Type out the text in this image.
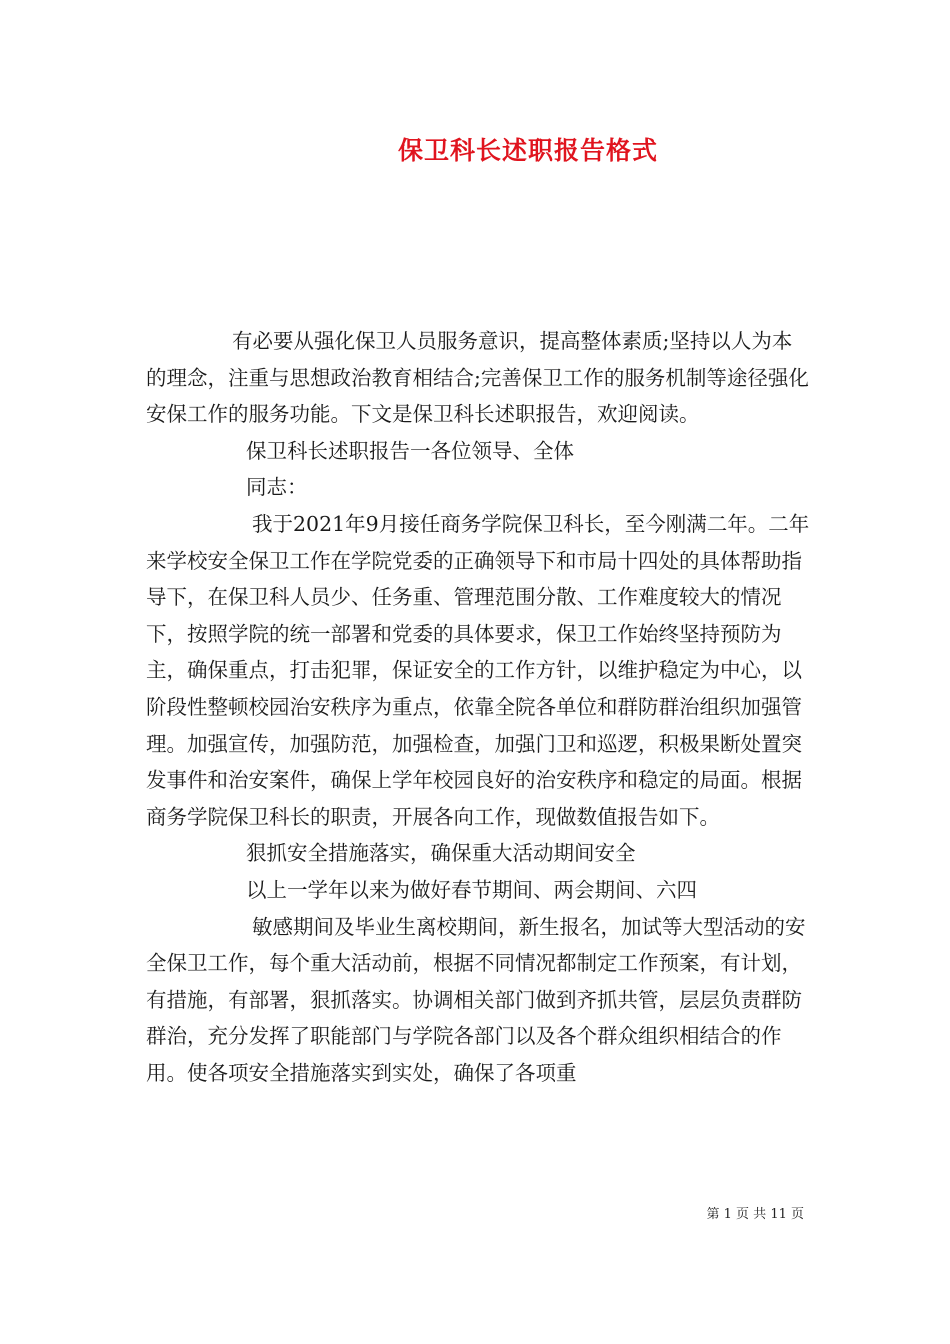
保卫科长述职报告格式

有必要从强化保卫人员服务意识，提高整体素质;坚持以人为本的理念，注重与思想政治教育相结合;完善保卫工作的服务机制等途径强化安保工作的服务功能。下文是保卫科长述职报告，欢迎阅读。

保卫科长述职报告一各位领导、全体

同志：

我于2021年9月接任商务学院保卫科长，至今刚满二年。二年来学校安全保卫工作在学院党委的正确领导下和市局十四处的具体帮助指导下，在保卫科人员少、任务重、管理范围分散、工作难度较大的情况下，按照学院的统一部署和党委的具体要求，保卫工作始终坚持预防为主，确保重点，打击犯罪，保证安全的工作方针，以维护稳定为中心，以阶段性整顿校园治安秩序为重点，依靠全院各单位和群防群治组织加强管理。加强宣传，加强防范，加强检查，加强门卫和巡逻，积极果断处置突发事件和治安案件，确保上学年校园良好的治安秩序和稳定的局面。根据商务学院保卫科长的职责，开展各向工作，现做数值报告如下。

狠抓安全措施落实，确保重大活动期间安全

以上一学年以来为做好春节期间、两会期间、六四

敏感期间及毕业生离校期间，新生报名，加试等大型活动的安全保卫工作，每个重大活动前，根据不同情况都制定工作预案，有计划，有措施，有部署，狠抓落实。协调相关部门做到齐抓共管，层层负责群防群治，充分发挥了职能部门与学院各部门以及各个群众组织相结合的作用。使各项安全措施落实到实处，确保了各项重

第 1 页 共 11 页
